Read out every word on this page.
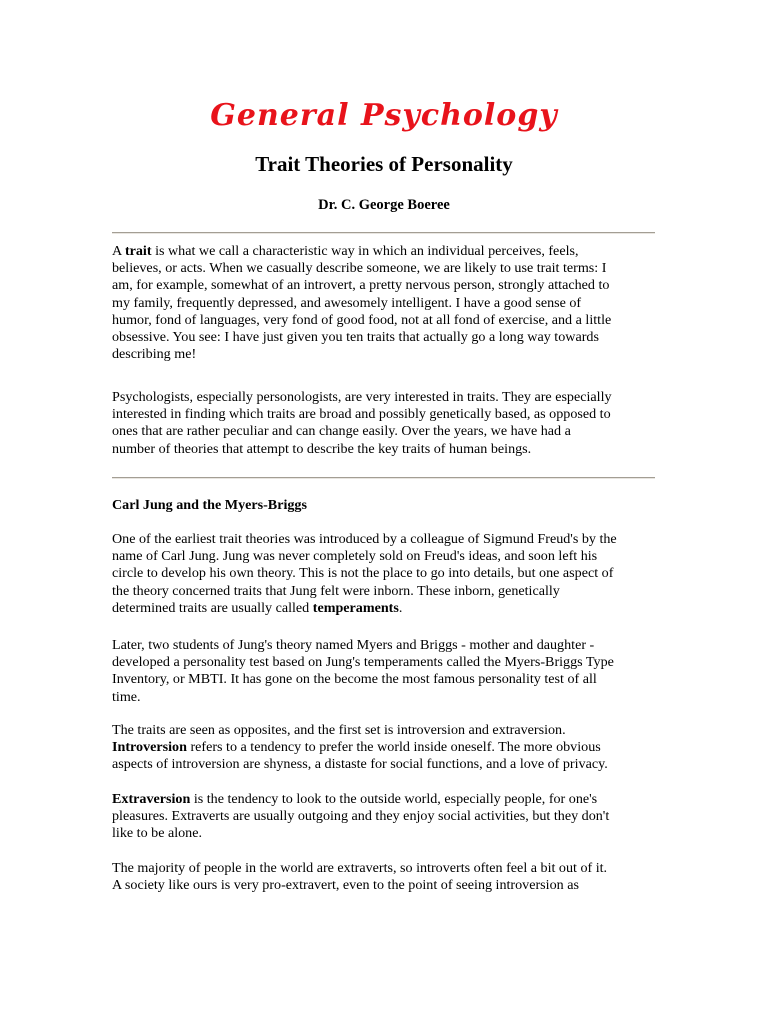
General Psychology
Trait Theories of Personality
Dr. C. George Boeree
A trait is what we call a characteristic way in which an individual perceives, feels,
believes, or acts. When we casually describe someone, we are likely to use trait terms: I
am, for example, somewhat of an introvert, a pretty nervous person, strongly attached to
my family, frequently depressed, and awesomely intelligent. I have a good sense of
humor, fond of languages, very fond of good food, not at all fond of exercise, and a little
obsessive. You see: I have just given you ten traits that actually go a long way towards
describing me!
Psychologists, especially personologists, are very interested in traits. They are especially
interested in finding which traits are broad and possibly genetically based, as opposed to
ones that are rather peculiar and can change easily. Over the years, we have had a
number of theories that attempt to describe the key traits of human beings.
Carl Jung and the Myers-Briggs
One of the earliest trait theories was introduced by a colleague of Sigmund Freud's by the
name of Carl Jung. Jung was never completely sold on Freud's ideas, and soon left his
circle to develop his own theory. This is not the place to go into details, but one aspect of
the theory concerned traits that Jung felt were inborn. These inborn, genetically
determined traits are usually called temperaments.
Later, two students of Jung's theory named Myers and Briggs - mother and daughter -
developed a personality test based on Jung's temperaments called the Myers-Briggs Type
Inventory, or MBTI. It has gone on the become the most famous personality test of all
time.
The traits are seen as opposites, and the first set is introversion and extraversion.
Introversion refers to a tendency to prefer the world inside oneself. The more obvious
aspects of introversion are shyness, a distaste for social functions, and a love of privacy.
Extraversion is the tendency to look to the outside world, especially people, for one's
pleasures. Extraverts are usually outgoing and they enjoy social activities, but they don't
like to be alone.
The majority of people in the world are extraverts, so introverts often feel a bit out of it.
A society like ours is very pro-extravert, even to the point of seeing introversion as
